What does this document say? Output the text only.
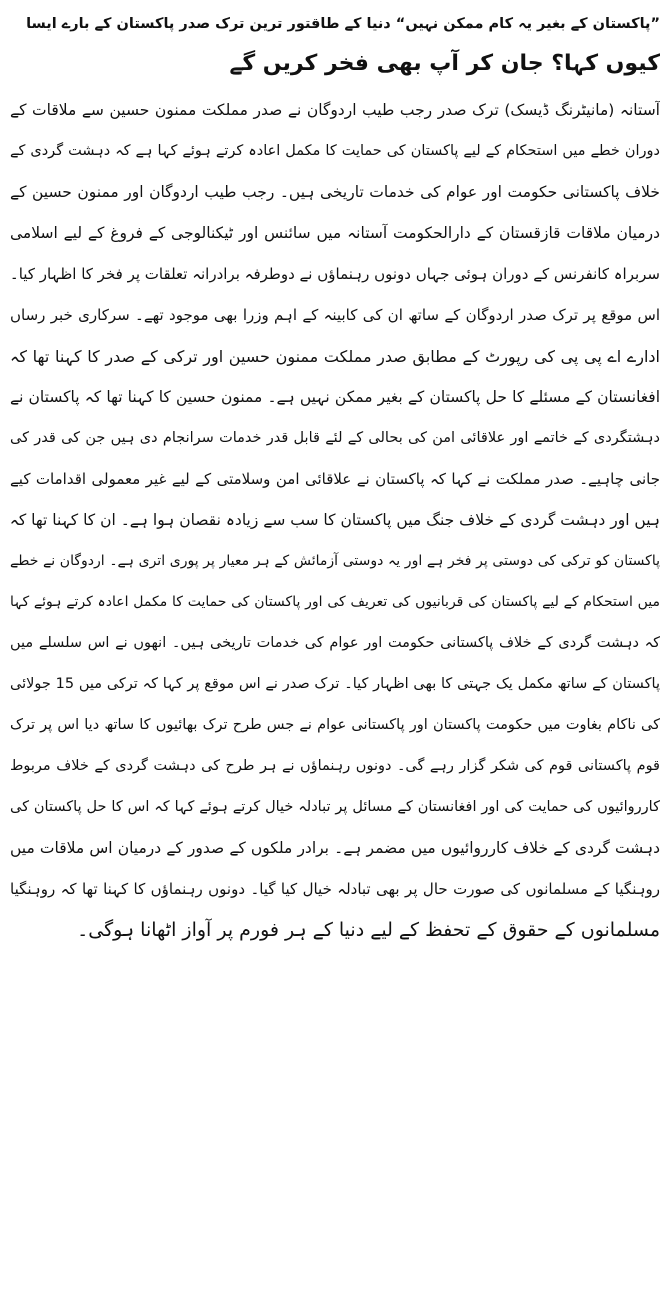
”پاکستان کے بغیر یہ کام ممکن نہیں“ دنیا کے طاقتور ترین ترک صدر پاکستان کے بارے ایسا
کیوں کہا؟ جان کر آپ بھی فخر کریں گے
آستانہ (مانیٹرنگ ڈیسک) ترک صدر رجب طیب اردوگان نے صدر مملکت ممنون حسین سے ملاقات کے
دوران خطے میں استحکام کے لیے پاکستان کی حمایت کا مکمل اعادہ کرتے ہوئے کہا ہے کہ دہشت گردی کے
خلاف پاکستانی حکومت اور عوام کی خدمات تاریخی ہیں۔ رجب طیب اردوگان اور ممنون حسین کے
درمیان ملاقات قازقستان کے دارالحکومت آستانہ میں سائنس اور ٹیکنالوجی کے فروغ کے لیے اسلامی
سربراہ کانفرنس کے دوران ہوئی جہاں دونوں رہنماؤں نے دوطرفہ برادرانہ تعلقات پر فخر کا اظہار کیا۔
اس موقع پر ترک صدر اردوگان کے ساتھ ان کی کابینہ کے اہم وزرا بھی موجود تھے۔ سرکاری خبر رساں
ادارے اے پی پی کی رپورٹ کے مطابق صدر مملکت ممنون حسین اور ترکی کے صدر کا کہنا تھا کہ
افغانستان کے مسئلے کا حل پاکستان کے بغیر ممکن نہیں ہے۔ ممنون حسین کا کہنا تھا کہ پاکستان نے
دہشتگردی کے خاتمے اور علاقائی امن کی بحالی کے لئے قابل قدر خدمات سرانجام دی ہیں جن کی قدر کی
جانی چاہیے۔ صدر مملکت نے کہا کہ پاکستان نے علاقائی امن وسلامتی کے لیے غیر معمولی اقدامات کیے
ہیں اور دہشت گردی کے خلاف جنگ میں پاکستان کا سب سے زیادہ نقصان ہوا ہے۔ ان کا کہنا تھا کہ
پاکستان کو ترکی کی دوستی پر فخر ہے اور یہ دوستی آزمائش کے ہر معیار پر پوری اتری ہے۔ اردوگان نے خطے
میں استحکام کے لیے پاکستان کی قربانیوں کی تعریف کی اور پاکستان کی حمایت کا مکمل اعادہ کرتے ہوئے کہا
کہ دہشت گردی کے خلاف پاکستانی حکومت اور عوام کی خدمات تاریخی ہیں۔ انھوں نے اس سلسلے میں
پاکستان کے ساتھ مکمل یک جہتی کا بھی اظہار کیا۔ ترک صدر نے اس موقع پر کہا کہ ترکی میں 15 جولائی
کی ناکام بغاوت میں حکومت پاکستان اور پاکستانی عوام نے جس طرح ترک بھائیوں کا ساتھ دیا اس پر ترک
قوم پاکستانی قوم کی شکر گزار رہے گی۔ دونوں رہنماؤں نے ہر طرح کی دہشت گردی کے خلاف مربوط
کارروائیوں کی حمایت کی اور افغانستان کے مسائل پر تبادلہ خیال کرتے ہوئے کہا کہ اس کا حل پاکستان کی
دہشت گردی کے خلاف کارروائیوں میں مضمر ہے۔ برادر ملکوں کے صدور کے درمیان اس ملاقات میں
روہنگیا کے مسلمانوں کی صورت حال پر بھی تبادلہ خیال کیا گیا۔ دونوں رہنماؤں کا کہنا تھا کہ روہنگیا
مسلمانوں کے حقوق کے تحفظ کے لیے دنیا کے ہر فورم پر آواز اٹھانا ہوگی۔
